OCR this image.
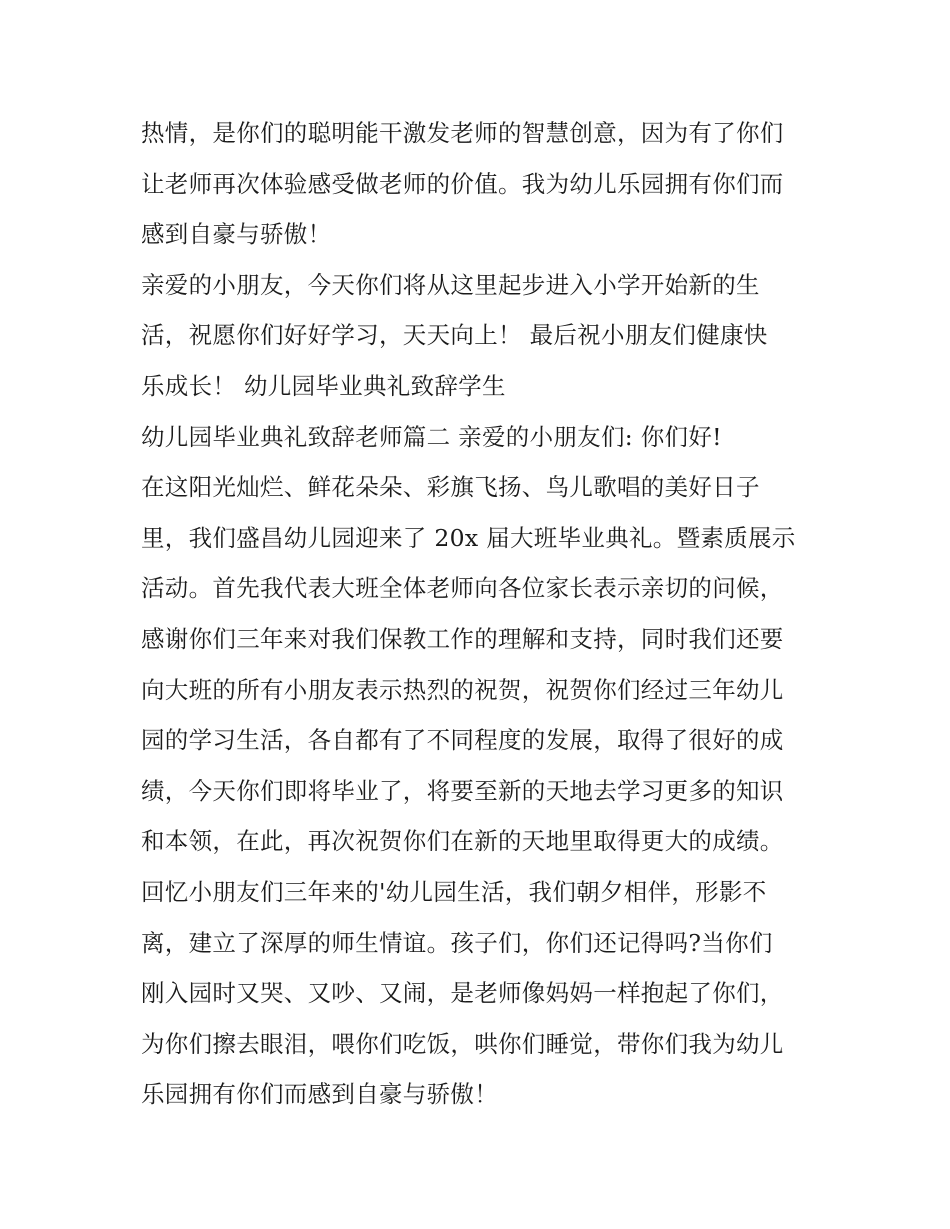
热情，是你们的聪明能干激发老师的智慧创意，因为有了你们
让老师再次体验感受做老师的价值。我为幼儿乐园拥有你们而
感到自豪与骄傲！
亲爱的小朋友，今天你们将从这里起步进入小学开始新的生
活，祝愿你们好好学习，天天向上！ 最后祝小朋友们健康快
乐成长！ 幼儿园毕业典礼致辞学生
幼儿园毕业典礼致辞老师篇二 亲爱的小朋友们: 你们好!
在这阳光灿烂、鲜花朵朵、彩旗飞扬、鸟儿歌唱的美好日子
里，我们盛昌幼儿园迎来了 20x 届大班毕业典礼。暨素质展示
活动。首先我代表大班全体老师向各位家长表示亲切的问候，
感谢你们三年来对我们保教工作的理解和支持，同时我们还要
向大班的所有小朋友表示热烈的祝贺，祝贺你们经过三年幼儿
园的学习生活，各自都有了不同程度的发展，取得了很好的成
绩，今天你们即将毕业了，将要至新的天地去学习更多的知识
和本领，在此，再次祝贺你们在新的天地里取得更大的成绩。
回忆小朋友们三年来的'幼儿园生活，我们朝夕相伴，形影不
离，建立了深厚的师生情谊。孩子们，你们还记得吗?当你们
刚入园时又哭、又吵、又闹，是老师像妈妈一样抱起了你们，
为你们擦去眼泪，喂你们吃饭，哄你们睡觉，带你们我为幼儿
乐园拥有你们而感到自豪与骄傲！
